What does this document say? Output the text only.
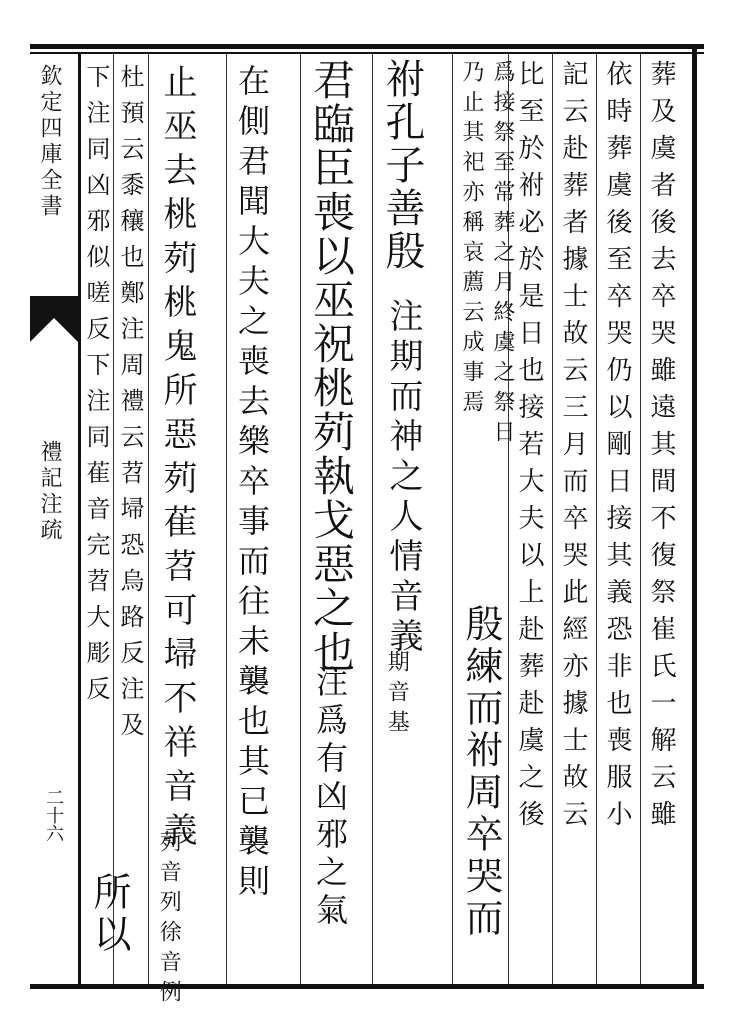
欽定四庫全書
禮記注疏
二十六	葬及虞者後去卒哭雖遠其間不復祭崔氏一解云雖
依時葬虞後至卒哭仍以剛日接其義恐非也喪服小
記云赴葬者據士故云三月而卒哭此經亦據士故云
比至於祔必於是日也接若大夫以上赴葬赴虞之後
爲接祭至常葬之月終虞之祭日
殷練而祔周卒哭而
乃止其祀亦稱哀薦云成事焉
祔孔子善殷
注期而神之人情音義
期音基
君臨臣喪以巫祝桃茢執戈惡之也
注爲有凶邪之氣
在側君聞大夫之喪去樂卒事而往未襲也其已襲則
止巫去桃茢桃鬼所惡茢萑苕可埽不祥音義
茢音列徐音例
杜預云黍穰也鄭注周禮云苕埽恐烏路反注及
下注同凶邪似嗟反下注同萑音完苕大彫反
所以
